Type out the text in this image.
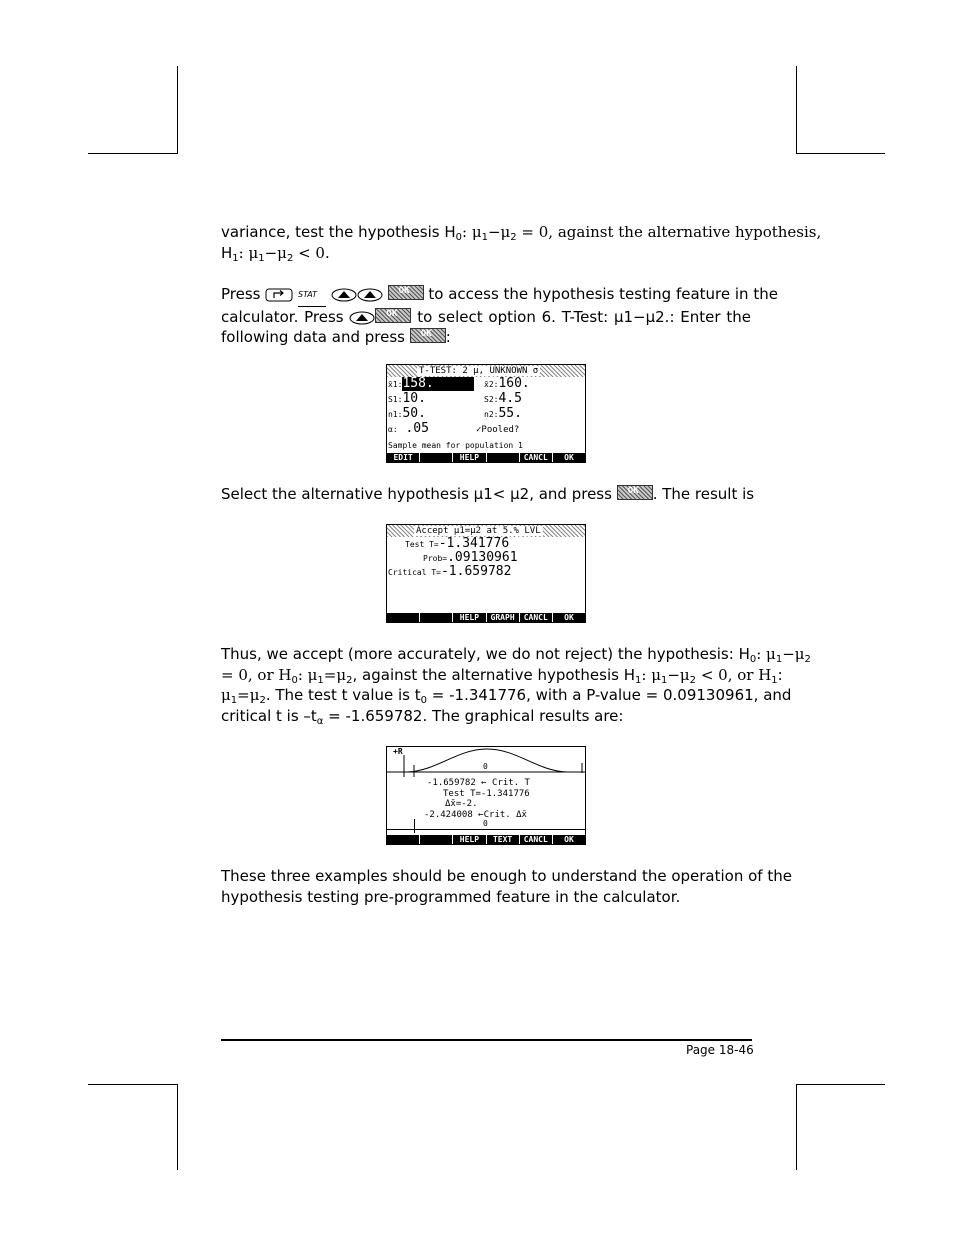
variance, test the hypothesis $H_0$: $\mu_1-\mu_2 = 0$, against the alternative hypothesis,
$H_1$: $\mu_1-\mu_2 < 0$.
Press	STAT OK	to access the hypothesis testing feature in the
calculator. Press OK	to select option 6. T-Test: μ1−μ2.: Enter the
following data and press OK	:
T-TEST: 2 μ, UNKNOWN σ
x̄1:158.	x̄2:160.
S1:10.	S2:4.5
n1:50.	n2:55.
α: .05	✓Pooled?
Sample mean for population 1
EDIT	HELP	CANCL	OK
Select the alternative hypothesis μ1< μ2, and press OK	. The result is
Accept μ1=μ2 at 5.% LVL
Test T=-1.341776
Prob=.09130961
Critical T=-1.659782
HELP	GRAPH	CANCL	OK
Thus, we accept (more accurately, we do not reject) the hypothesis: $H_0$: $\mu_1-\mu_2$
= 0, or $H_0$: $\mu_1=\mu_2$, against the alternative hypothesis $H_1$: $\mu_1-\mu_2 < 0$, or $H_1$:
$\mu_1=\mu_2$. The test t value is $t_0 = -1.341776$, with a P-value = 0.09130961, and
critical t is $-t_\alpha = -1.659782$. The graphical results are:
+R
0
-1.659782 ← Crit. T
Test T=-1.341776
Δx̄=-2.
-2.424008 ←Crit. Δx̄
0
HELP	TEXT	CANCL	OK
These three examples should be enough to understand the operation of the
hypothesis testing pre-programmed feature in the calculator.
Page 18-46
